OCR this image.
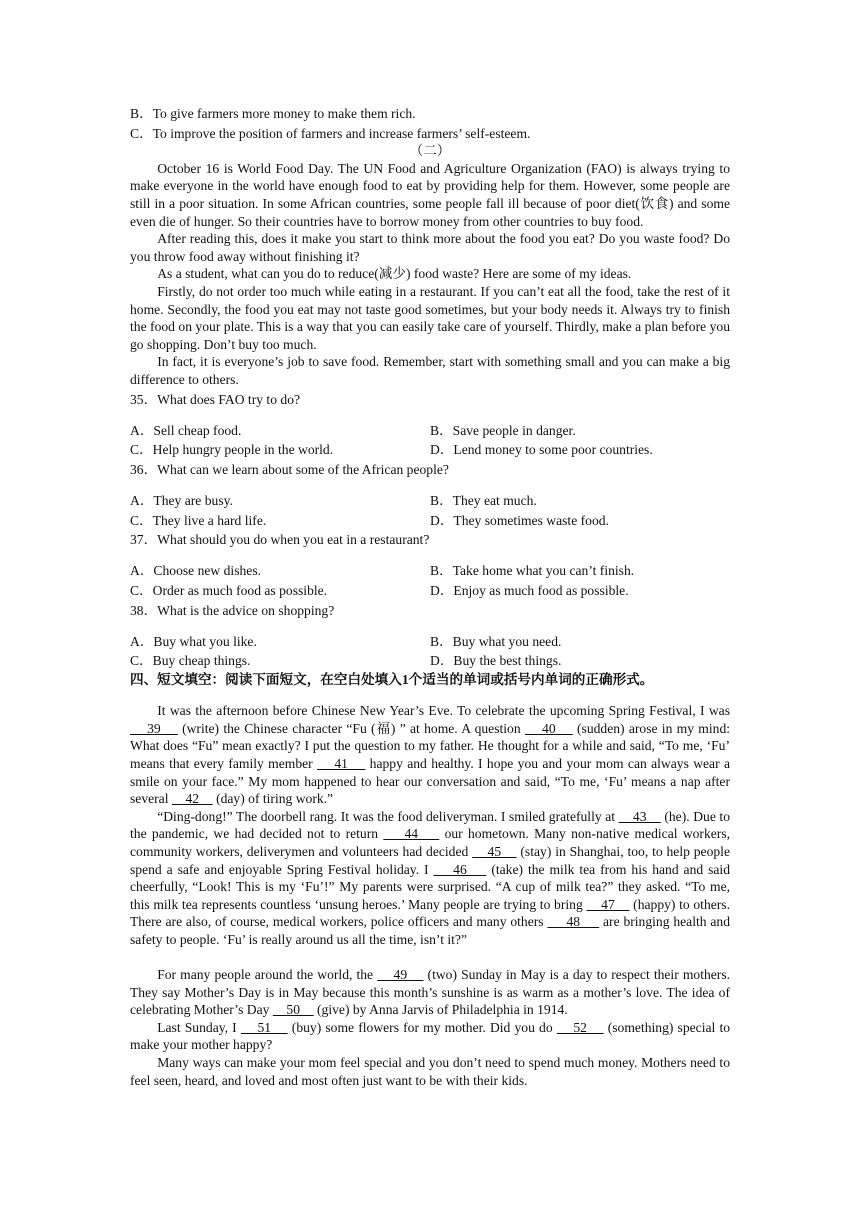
B．To give farmers more money to make them rich.

C．To improve the position of farmers and increase farmers’ self-esteem.

（二）

October 16 is World Food Day. The UN Food and Agriculture Organization (FAO) is always trying to make everyone in the world have enough food to eat by providing help for them. However, some people are still in a poor situation. In some African countries, some people fall ill because of poor diet(饮食) and some even die of hunger. So their countries have to borrow money from other countries to buy food.

After reading this, does it make you start to think more about the food you eat? Do you waste food? Do you throw food away without finishing it?

As a student, what can you do to reduce(减少) food waste? Here are some of my ideas.

Firstly, do not order too much while eating in a restaurant. If you can’t eat all the food, take the rest of it home. Secondly, the food you eat may not taste good sometimes, but your body needs it. Always try to finish the food on your plate. This is a way that you can easily take care of yourself. Thirdly, make a plan before you go shopping. Don’t buy too much.

In fact, it is everyone’s job to save food. Remember, start with something small and you can make a big difference to others.

35．What does FAO try to do?

A．Sell cheap food.	B．Save people in danger.
C．Help hungry people in the world.	D．Lend money to some poor countries.

36．What can we learn about some of the African people?

A．They are busy.	B．They eat much.
C．They live a hard life.	D．They sometimes waste food.

37．What should you do when you eat in a restaurant?

A．Choose new dishes.	B．Take home what you can’t finish.
C．Order as much food as possible.	D．Enjoy as much food as possible.

38．What is the advice on shopping?

A．Buy what you like.	B．Buy what you need.
C．Buy cheap things.	D．Buy the best things.

四、短文填空：阅读下面短文，在空白处填入1个适当的单词或括号内单词的正确形式。

It was the afternoon before Chinese New Year’s Eve. To celebrate the upcoming Spring Festival, I was     39     (write) the Chinese character “Fu (福) ” at home. A question     40     (sudden) arose in my mind: What does “Fu” mean exactly? I put the question to my father. He thought for a while and said, “To me, ‘Fu’ means that every family member     41     happy and healthy. I hope you and your mom can always wear a smile on your face.” My mom happened to hear our conversation and said, “To me, ‘Fu’ means a nap after several     42     (day) of tiring work.”

“Ding-dong!” The doorbell rang. It was the food deliveryman. I smiled gratefully at     43     (he). Due to the pandemic, we had decided not to return     44     our hometown. Many non-native medical workers, community workers, deliverymen and volunteers had decided     45     (stay) in Shanghai, too, to help people spend a safe and enjoyable Spring Festival holiday. I     46     (take) the milk tea from his hand and said cheerfully, “Look! This is my ‘Fu’!” My parents were surprised. “A cup of milk tea?” they asked. “To me, this milk tea represents countless ‘unsung heroes.’ Many people are trying to bring     47     (happy) to others. There are also, of course, medical workers, police officers and many others      48      are bringing health and safety to people. ‘Fu’ is really around us all the time, isn’t it?”

For many people around the world, the     49     (two) Sunday in May is a day to respect their mothers. They say Mother’s Day is in May because this month’s sunshine is as warm as a mother’s love. The idea of celebrating Mother’s Day     50     (give) by Anna Jarvis of Philadelphia in 1914.

Last Sunday, I     51     (buy) some flowers for my mother. Did you do     52     (something) special to make your mother happy?

Many ways can make your mom feel special and you don’t need to spend much money. Mothers need to feel seen, heard, and loved and most often just want to be with their kids.
